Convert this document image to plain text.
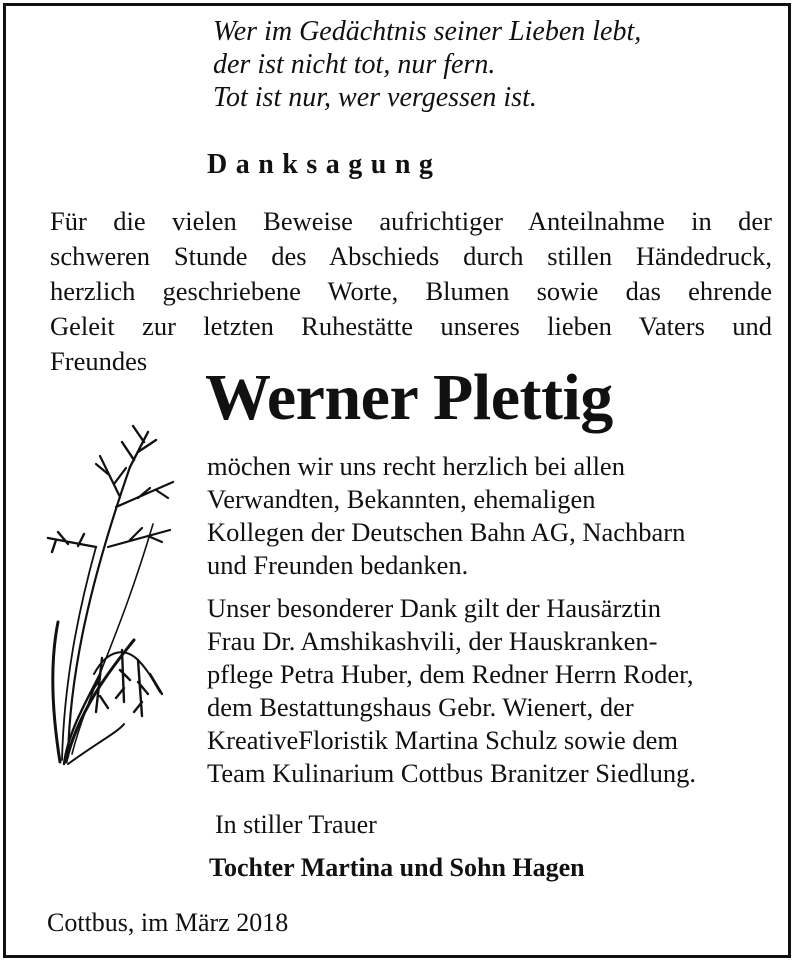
Wer im Gedächtnis seiner Lieben lebt,
der ist nicht tot, nur fern.
Tot ist nur, wer vergessen ist.
Danksagung
Für die vielen Beweise aufrichtiger Anteilnahme in der
schweren Stunde des Abschieds durch stillen Händedruck,
herzlich geschriebene Worte, Blumen sowie das ehrende
Geleit zur letzten Ruhestätte unseres lieben Vaters und
Freundes Werner Plettig
möchen wir uns recht herzlich bei allen
Verwandten, Bekannten, ehemaligen
Kollegen der Deutschen Bahn AG, Nachbarn
und Freunden bedanken.
Unser besonderer Dank gilt der Hausärztin
Frau Dr. Amshikashvili, der Hauskranken-
pflege Petra Huber, dem Redner Herrn Roder,
dem Bestattungshaus Gebr. Wienert, der
KreativeFloristik Martina Schulz sowie dem
Team Kulinarium Cottbus Branitzer Siedlung.
In stiller Trauer
Tochter Martina und Sohn Hagen
Cottbus, im März 2018
